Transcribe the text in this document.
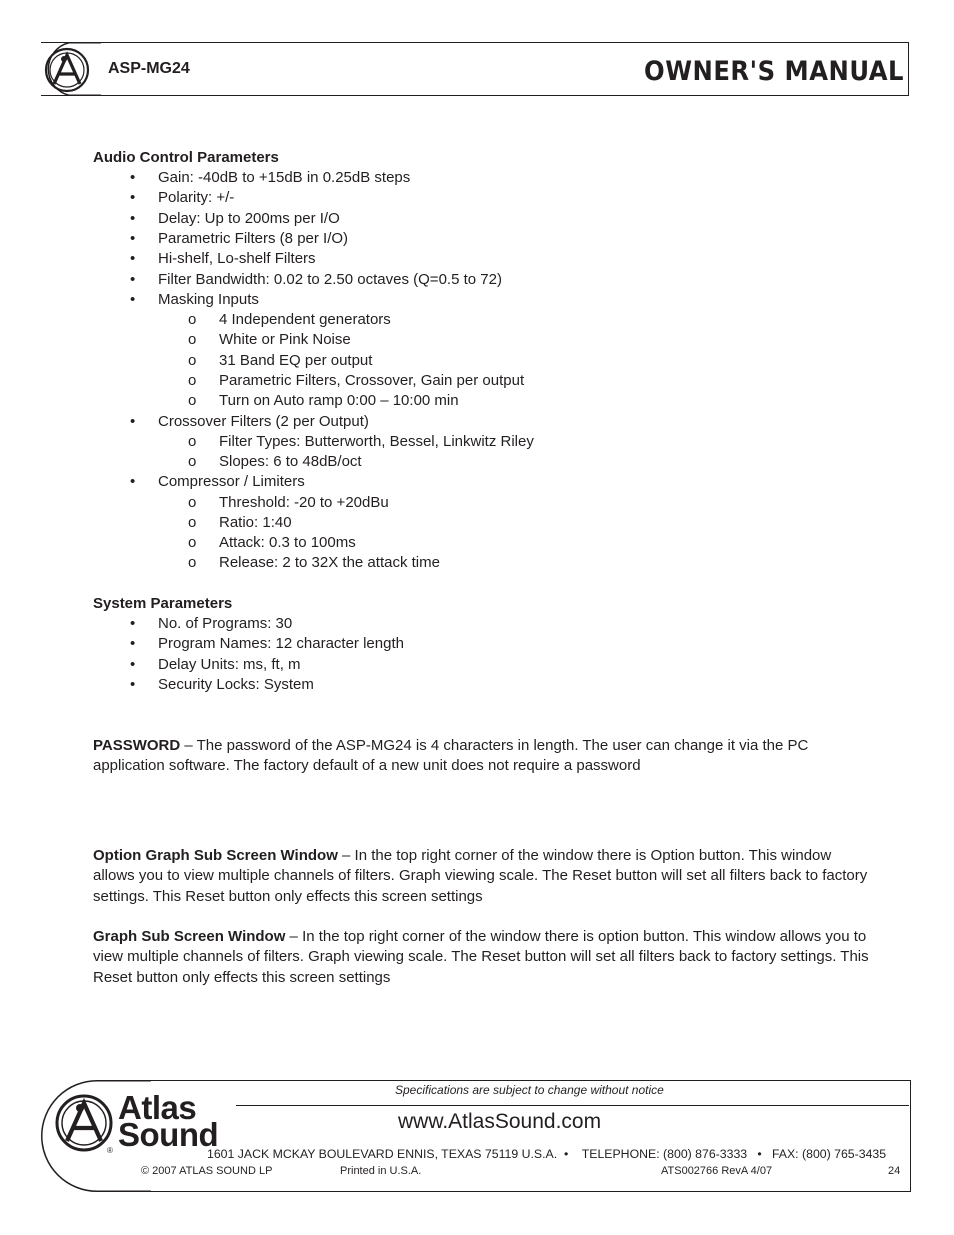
ASP-MG24	OWNER'S MANUAL
Audio Control Parameters
• Gain: -40dB to +15dB in 0.25dB steps
• Polarity: +/-
• Delay: Up to 200ms per I/O
• Parametric Filters (8 per I/O)
• Hi-shelf, Lo-shelf Filters
• Filter Bandwidth: 0.02 to 2.50 octaves (Q=0.5 to 72)
• Masking Inputs
o 4 Independent generators
o White or Pink Noise
o 31 Band EQ per output
o Parametric Filters, Crossover, Gain per output
o Turn on Auto ramp 0:00 – 10:00 min
• Crossover Filters (2 per Output)
o Filter Types: Butterworth, Bessel, Linkwitz Riley
o Slopes: 6 to 48dB/oct
• Compressor / Limiters
o Threshold: -20 to +20dBu
o Ratio: 1:40
o Attack: 0.3 to 100ms
o Release: 2 to 32X the attack time
System Parameters
• No. of Programs: 30
• Program Names: 12 character length
• Delay Units: ms, ft, m
• Security Locks: System
PASSWORD – The password of the ASP-MG24 is 4 characters in length. The user can change it via the PC application software. The factory default of a new unit does not require a password
Option Graph Sub Screen Window – In the top right corner of the window there is Option button. This window allows you to view multiple channels of filters. Graph viewing scale. The Reset button will set all filters back to factory settings. This Reset button only effects this screen settings
Graph Sub Screen Window – In the top right corner of the window there is option button. This window allows you to view multiple channels of filters. Graph viewing scale. The Reset button will set all filters back to factory settings. This Reset button only effects this screen settings
Atlas
Sound
®
Specifications are subject to change without notice
www.AtlasSound.com
1601 JACK MCKAY BOULEVARD ENNIS, TEXAS 75119 U.S.A.  •    TELEPHONE: (800) 876-3333   •   FAX: (800) 765-3435
© 2007 ATLAS SOUND LP	Printed in U.S.A.	ATS002766 RevA 4/07	24
